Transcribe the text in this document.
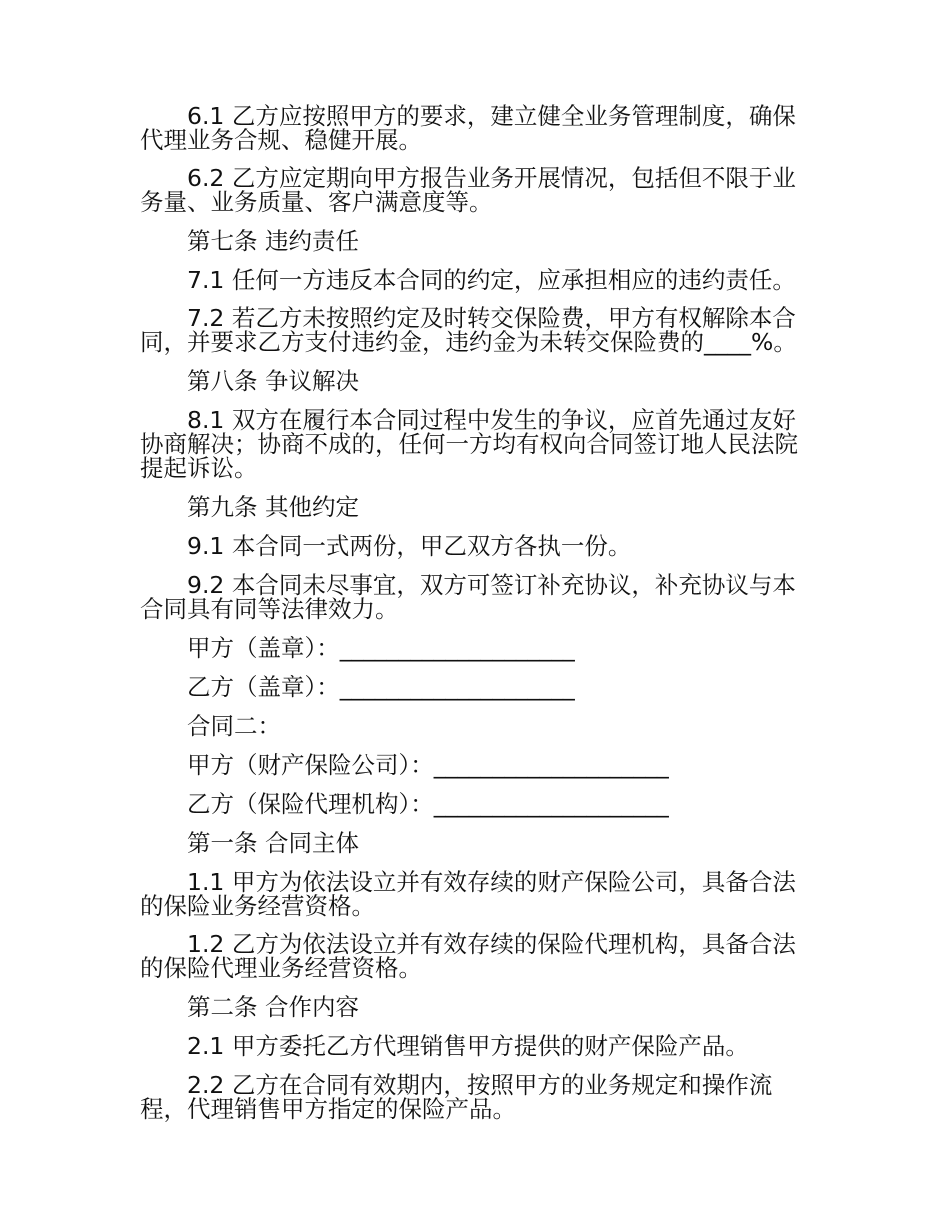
6.1 乙方应按照甲方的要求，建立健全业务管理制度，确保代理业务合规、稳健开展。

6.2 乙方应定期向甲方报告业务开展情况，包括但不限于业务量、业务质量、客户满意度等。

第七条 违约责任

7.1 任何一方违反本合同的约定，应承担相应的违约责任。

7.2 若乙方未按照约定及时转交保险费，甲方有权解除本合同，并要求乙方支付违约金，违约金为未转交保险费的____%。

第八条 争议解决

8.1 双方在履行本合同过程中发生的争议，应首先通过友好协商解决；协商不成的，任何一方均有权向合同签订地人民法院提起诉讼。

第九条 其他约定

9.1 本合同一式两份，甲乙双方各执一份。

9.2 本合同未尽事宜，双方可签订补充协议，补充协议与本合同具有同等法律效力。

甲方（盖章）：____________________

乙方（盖章）：____________________

合同二：

甲方（财产保险公司）：____________________

乙方（保险代理机构）：____________________

第一条 合同主体

1.1 甲方为依法设立并有效存续的财产保险公司，具备合法的保险业务经营资格。

1.2 乙方为依法设立并有效存续的保险代理机构，具备合法的保险代理业务经营资格。

第二条 合作内容

2.1 甲方委托乙方代理销售甲方提供的财产保险产品。

2.2 乙方在合同有效期内，按照甲方的业务规定和操作流程，代理销售甲方指定的保险产品。
